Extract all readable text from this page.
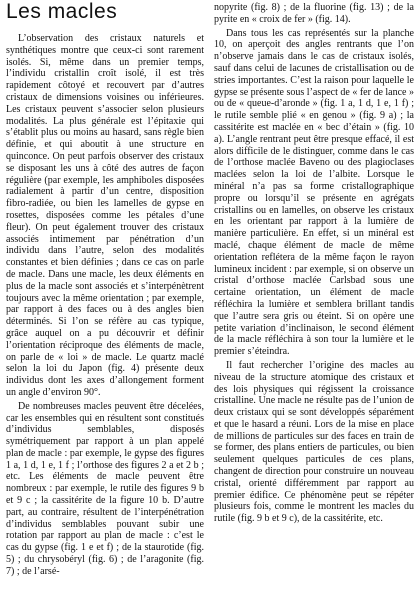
Les macles

L’observation des cristaux naturels et synthétiques montre que ceux-ci sont rarement isolés. Si, même dans un premier temps, l’individu cristallin croît isolé, il est très rapidement côtoyé et recouvert par d’autres cristaux de dimensions voisines ou inférieures. Les cristaux peuvent s’associer selon plusieurs modalités. La plus générale est l’épitaxie qui s’établit plus ou moins au hasard, sans règle bien définie, et qui aboutit à une structure en quinconce. On peut parfois observer des cristaux se disposant les uns à côté des autres de façon régulière (par exemple, les amphiboles disposées radialement à partir d’un centre, disposition fibro-radiée, ou bien les lamelles de gypse en rosettes, disposées comme les pétales d’une fleur). On peut également trouver des cristaux associés intimement par pénétration d’un individu dans l’autre, selon des modalités constantes et bien définies ; dans ce cas on parle de macle. Dans une macle, les deux éléments en plus de la macle sont associés et s’interpénètrent toujours avec la même orientation ; par exemple, par rapport à des faces ou à des angles bien déterminés. Si l’on se réfère au cas typique, grâce auquel on a pu découvrir et définir l’orientation réciproque des éléments de macle, on parle de « loi » de macle. Le quartz maclé selon la loi du Japon (fig. 4) présente deux individus dont les axes d’allongement forment un angle d’environ 90°.

De nombreuses macles peuvent être décelées, car les ensembles qui en résultent sont constitués d’individus semblables, disposés symétriquement par rapport à un plan appelé plan de macle : par exemple, le gypse des figures 1 a, 1 d, 1 e, 1 f ; l’orthose des figures 2 a et 2 b ; etc. Les éléments de macle peuvent être nombreux : par exemple, le rutile des figures 9 b et 9 c ; la cassitérite de la figure 10 b. D’autre part, au contraire, résultent de l’interpénétration d’individus semblables pouvant subir une rotation par rapport au plan de macle : c’est le cas du gypse (fig. 1 e et f) ; de la staurotide (fig. 5) ; du chrysobéryl (fig. 6) ; de l’aragonite (fig. 7) ; de l’arsé-

nopyrite (fig. 8) ; de la fluorine (fig. 13) ; de la pyrite en « croix de fer » (fig. 14).

Dans tous les cas représentés sur la planche 10, on aperçoit des angles rentrants que l’on n’observe jamais dans le cas de cristaux isolés, sauf dans celui de lacunes de cristallisation ou de stries importantes. C’est la raison pour laquelle le gypse se présente sous l’aspect de « fer de lance » ou de « queue-d’aronde » (fig. 1 a, 1 d, 1 e, 1 f) ; le rutile semble plié « en genou » (fig. 9 a) ; la cassitérite est maclée en « bec d’étain » (fig. 10 a). L’angle rentrant peut être presque effacé, il est alors difficile de le distinguer, comme dans le cas de l’orthose maclée Baveno ou des plagioclases maclées selon la loi de l’albite. Lorsque le minéral n’a pas sa forme cristallographique propre ou lorsqu’il se présente en agrégats cristallins ou en lamelles, on observe les cristaux en les orientant par rapport à la lumière de manière particulière. En effet, si un minéral est maclé, chaque élément de macle de même orientation reflétera de la même façon le rayon lumineux incident : par exemple, si on observe un cristal d’orthose maclée Carlsbad sous une certaine orientation, un élément de macle réfléchira la lumière et semblera brillant tandis que l’autre sera gris ou éteint. Si on opère une petite variation d’inclinaison, le second élément de la macle réfléchira à son tour la lumière et le premier s’éteindra.

Il faut rechercher l’origine des macles au niveau de la structure atomique des cristaux et des lois physiques qui régissent la croissance cristalline. Une macle ne résulte pas de l’union de deux cristaux qui se sont développés séparément et que le hasard a réuni. Lors de la mise en place de millions de particules sur des faces en train de se former, des plans entiers de particules, ou bien seulement quelques particules de ces plans, changent de direction pour construire un nouveau cristal, orienté différemment par rapport au premier édifice. Ce phénomène peut se répéter plusieurs fois, comme le montrent les macles du rutile (fig. 9 b et 9 c), de la cassitérite, etc.
